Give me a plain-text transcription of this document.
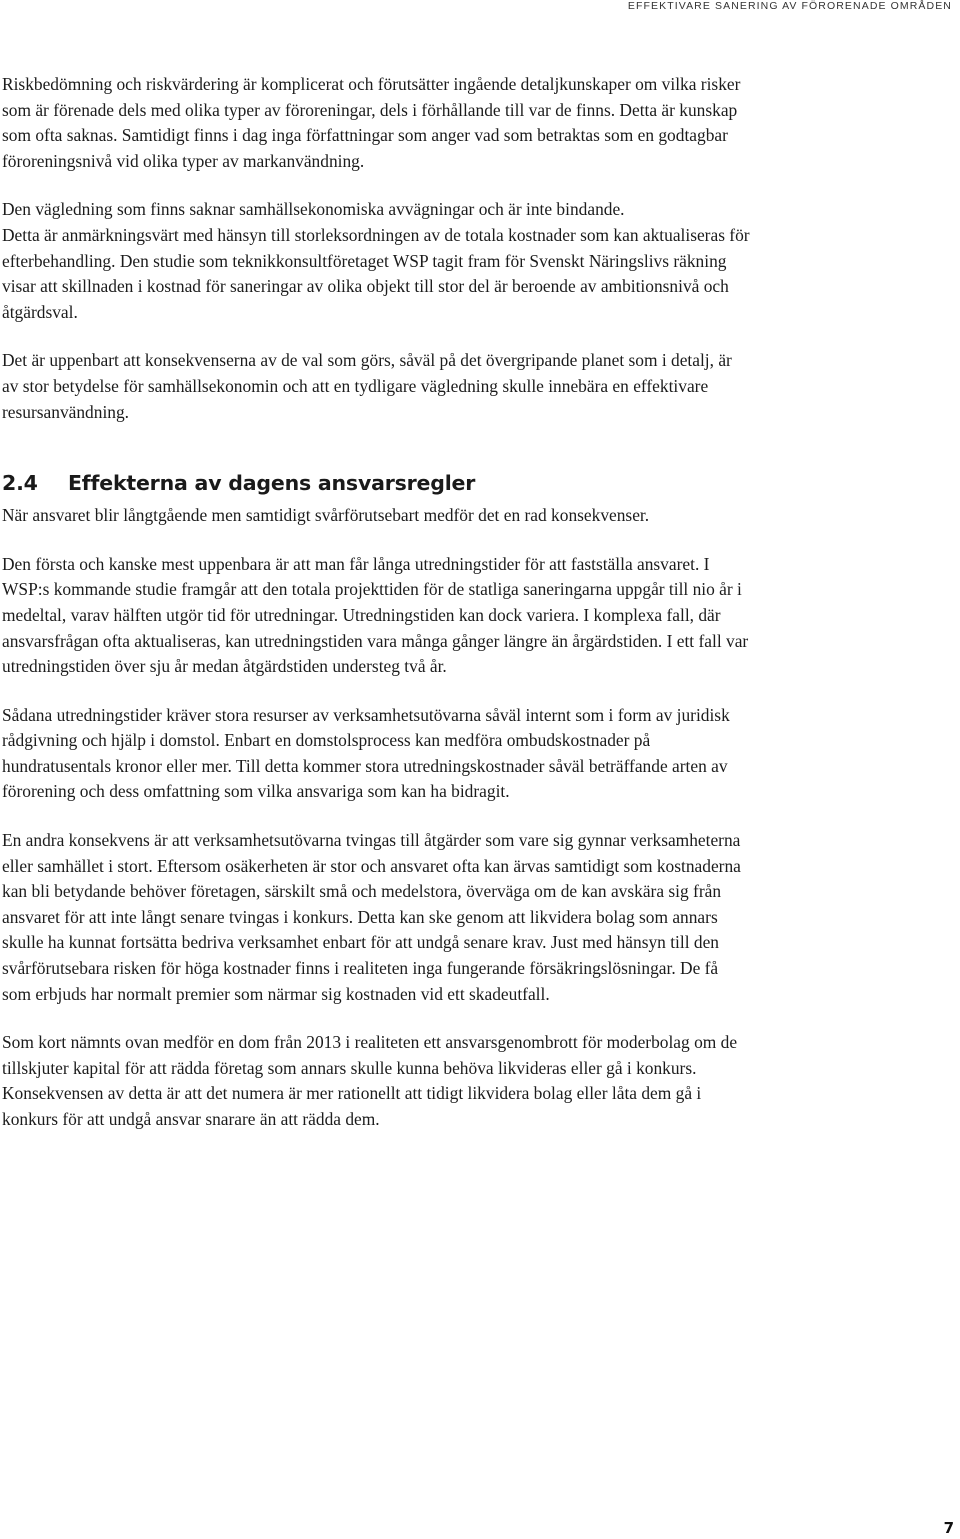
EFFEKTIVARE SANERING AV FÖRORENADE OMRÅDEN

Riskbedömning och riskvärdering är komplicerat och förutsätter ingående detaljkunskaper om vilka risker som är förenade dels med olika typer av föroreningar, dels i förhållande till var de finns. Detta är kunskap som ofta saknas. Samtidigt finns i dag inga författningar som anger vad som betraktas som en godtagbar föroreningsnivå vid olika typer av markanvändning.

Den vägledning som finns saknar samhällsekonomiska avvägningar och är inte bindande.

Detta är anmärkningsvärt med hänsyn till storleksordningen av de totala kostnader som kan aktualiseras för efterbehandling. Den studie som teknikkonsultföretaget WSP tagit fram för Svenskt Näringslivs räkning visar att skillnaden i kostnad för saneringar av olika objekt till stor del är beroende av ambitionsnivå och åtgärdsval.

Det är uppenbart att konsekvenserna av de val som görs, såväl på det övergripande planet som i detalj, är av stor betydelse för samhällsekonomin och att en tydligare vägledning skulle innebära en effektivare resursanvändning.

2.4 Effekterna av dagens ansvarsregler

När ansvaret blir långtgående men samtidigt svårförutsebart medför det en rad konsekvenser.

Den första och kanske mest uppenbara är att man får långa utredningstider för att fastställa ansvaret. I WSP:s kommande studie framgår att den totala projekttiden för de statliga saneringarna uppgår till nio år i medeltal, varav hälften utgör tid för utredningar. Utredningstiden kan dock variera. I komplexa fall, där ansvarsfrågan ofta aktualiseras, kan utredningstiden vara många gånger längre än årgärdstiden. I ett fall var utredningstiden över sju år medan åtgärdstiden understeg två år.

Sådana utredningstider kräver stora resurser av verksamhetsutövarna såväl internt som i form av juridisk rådgivning och hjälp i domstol. Enbart en domstolsprocess kan medföra ombudskostnader på hundratusentals kronor eller mer. Till detta kommer stora utredningskostnader såväl beträffande arten av förorening och dess omfattning som vilka ansvariga som kan ha bidragit.

En andra konsekvens är att verksamhetsutövarna tvingas till åtgärder som vare sig gynnar verksamheterna eller samhället i stort. Eftersom osäkerheten är stor och ansvaret ofta kan ärvas samtidigt som kostnaderna kan bli betydande behöver företagen, särskilt små och medelstora, överväga om de kan avskära sig från ansvaret för att inte långt senare tvingas i konkurs. Detta kan ske genom att likvidera bolag som annars skulle ha kunnat fortsätta bedriva verksamhet enbart för att undgå senare krav. Just med hänsyn till den svårförutsebara risken för höga kostnader finns i realiteten inga fungerande försäkringslösningar. De få som erbjuds har normalt premier som närmar sig kostnaden vid ett skadeutfall.

Som kort nämnts ovan medför en dom från 2013 i realiteten ett ansvarsgenombrott för moderbolag om de tillskjuter kapital för att rädda företag som annars skulle kunna behöva likvideras eller gå i konkurs. Konsekvensen av detta är att det numera är mer rationellt att tidigt likvidera bolag eller låta dem gå i konkurs för att undgå ansvar snarare än att rädda dem.

7
